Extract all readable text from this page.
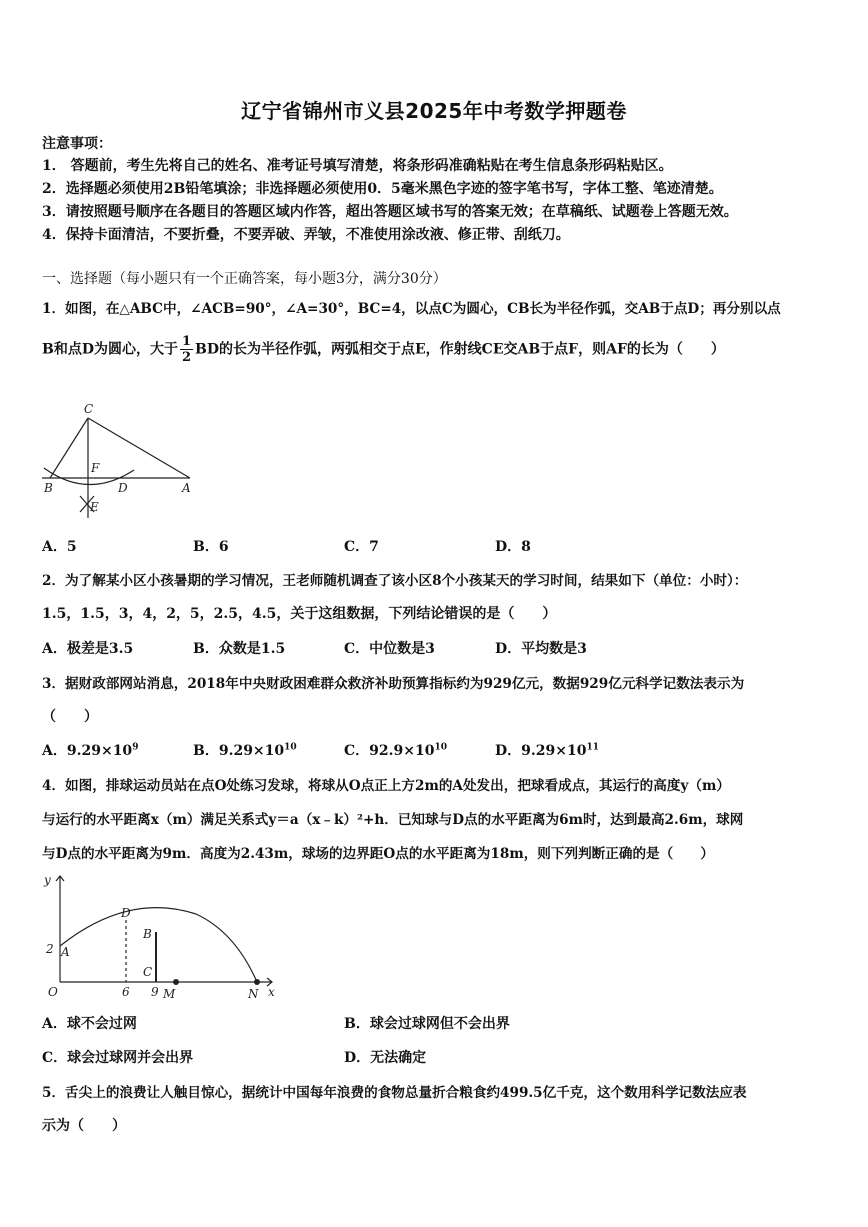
辽宁省锦州市义县2025年中考数学押题卷
注意事项：
1． 答题前，考生先将自己的姓名、准考证号填写清楚，将条形码准确粘贴在考生信息条形码粘贴区。
2．选择题必须使用2B铅笔填涂；非选择题必须使用0．5毫米黑色字迹的签字笔书写，字体工整、笔迹清楚。
3．请按照题号顺序在各题目的答题区域内作答，超出答题区域书写的答案无效；在草稿纸、试题卷上答题无效。
4．保持卡面清洁，不要折叠，不要弄破、弄皱，不准使用涂改液、修正带、刮纸刀。
一、选择题（每小题只有一个正确答案，每小题3分，满分30分）
1．如图，在△ABC中，∠ACB=90°，∠A=30°，BC=4，以点C为圆心，CB长为半径作弧，交AB于点D；再分别以点
B和点D为圆心，大于 $\frac{1}{2}$ BD的长为半径作弧，两弧相交于点E，作射线CE交AB于点F，则AF的长为（　　）
C
F
B	D	A
E
A．5	B．6	C．7	D．8
2．为了解某小区小孩暑期的学习情况，王老师随机调查了该小区8个小孩某天的学习时间，结果如下（单位：小时）：
1.5，1.5，3，4，2，5，2.5，4.5，关于这组数据，下列结论错误的是（　　）
A．极差是3.5	B．众数是1.5	C．中位数是3	D．平均数是3
3．据财政部网站消息，2018年中央财政困难群众救济补助预算指标约为929亿元，数据929亿元科学记数法表示为
（　　）
A．$9.29\times 10^9$	B．$9.29\times 10^{10}$	C．$92.9\times 10^{10}$	D．$9.29\times 10^{11}$
4．如图，排球运动员站在点O处练习发球，将球从O点正上方2m的A处发出，把球看成点，其运行的高度y（m）
与运行的水平距离x（m）满足关系式y＝a（x﹣k）²+h．已知球与D点的水平距离为6m时，达到最高2.6m，球网
与D点的水平距离为9m．高度为2.43m，球场的边界距O点的水平距离为18m，则下列判断正确的是（　　）
y
x
O
2 A
D
B
C
6 9 M	N
A．球不会过网	B．球会过球网但不会出界
C．球会过球网并会出界	D．无法确定
5．舌尖上的浪费让人触目惊心，据统计中国每年浪费的食物总量折合粮食约499.5亿千克，这个数用科学记数法应表
示为（　　）
